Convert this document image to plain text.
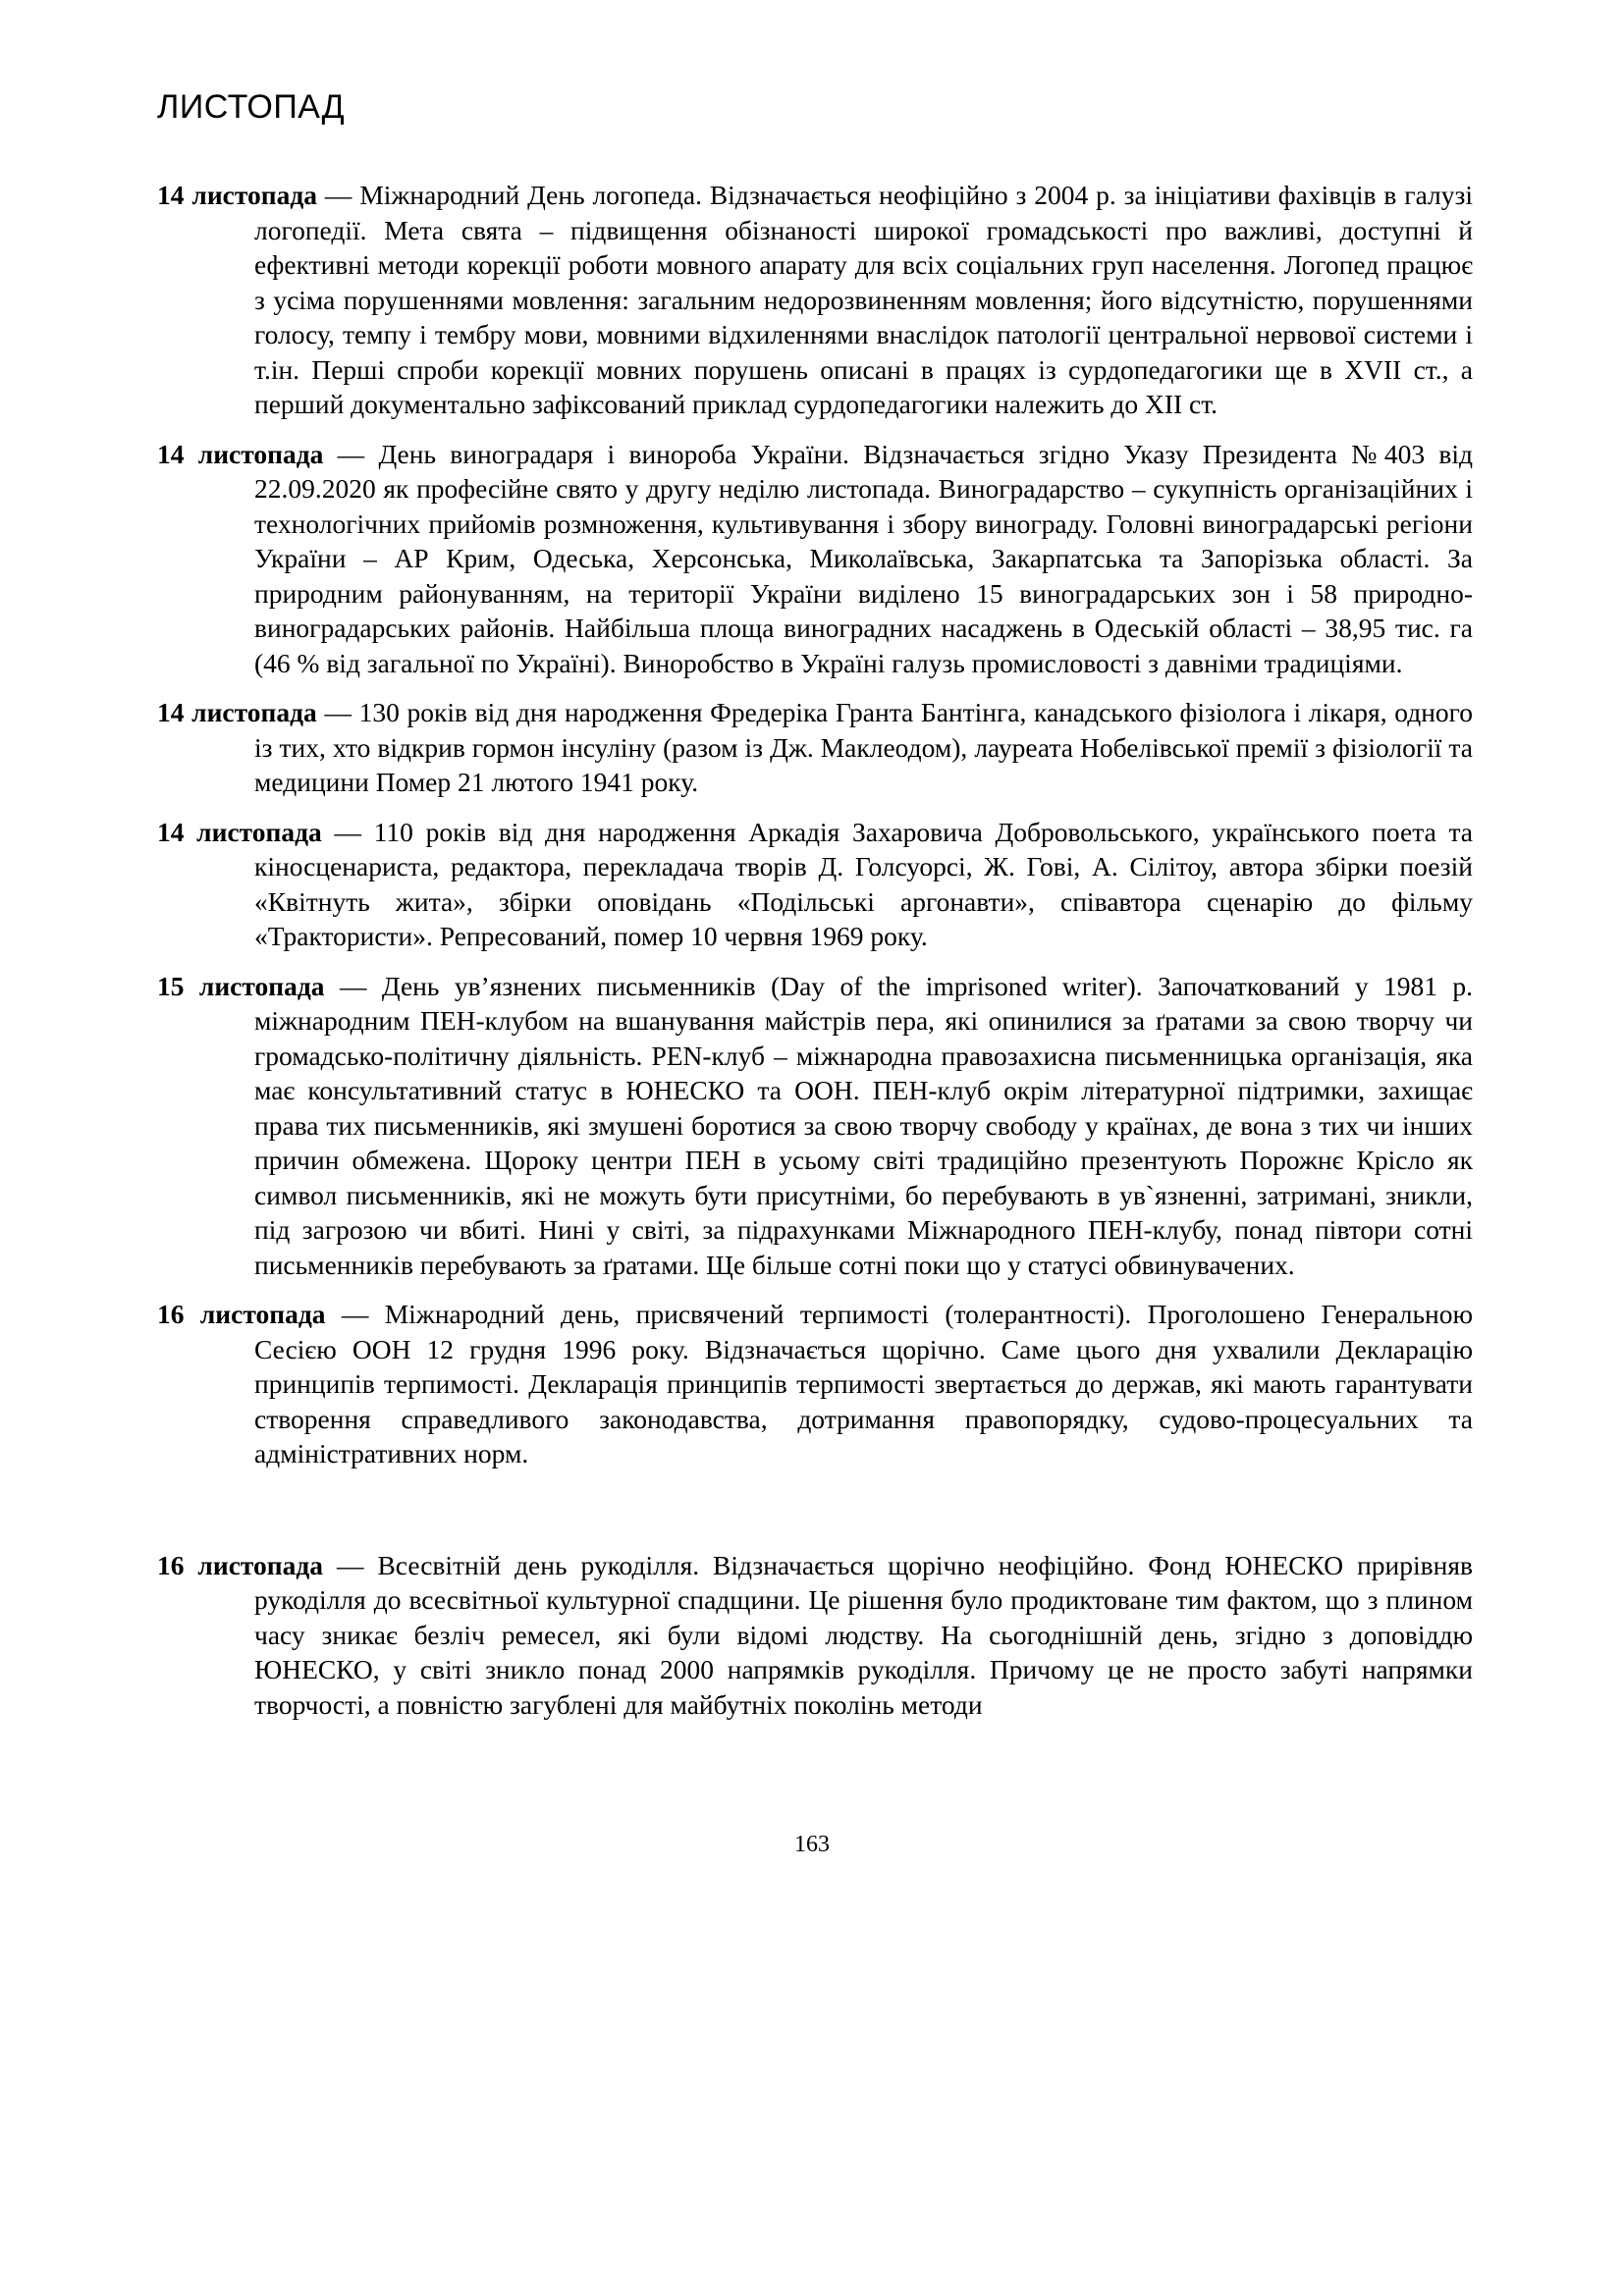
ЛИСТОПАД

14 листопада — Міжнародний День логопеда. Відзначається неофіційно з 2004 р. за ініціативи фахівців в галузі логопедії. Мета свята – підвищення обізнаності широкої громадськості про важливі, доступні й ефективні методи корекції роботи мовного апарату для всіх соціальних груп населення. Логопед працює з усіма порушеннями мовлення: загальним недорозвиненням мовлення; його відсутністю, порушеннями голосу, темпу і тембру мови, мовними відхиленнями внаслідок патології центральної нервової системи і т.ін. Перші спроби корекції мовних порушень описані в працях із сурдопедагогики ще в XVII ст., а перший документально зафіксований приклад сурдопедагогики належить до XII ст.

14 листопада — День виноградаря і винороба України. Відзначається згідно Указу Президента №403 від 22.09.2020 як професійне свято у другу неділю листопада. Виноградарство – сукупність організаційних і технологічних прийомів розмноження, культивування і збору винограду. Головні виноградарські регіони України – АР Крим, Одеська, Херсонська, Миколаївська, Закарпатська та Запорізька області. За природним районуванням, на території України виділено 15 виноградарських зон і 58 природно-виноградарських районів. Найбільша площа виноградних насаджень в Одеській області – 38,95 тис. га (46 % від загальної по Україні). Виноробство в Україні галузь промисловості з давніми традиціями.

14 листопада — 130 років від дня народження Фредеріка Гранта Бантінга, канадського фізіолога і лікаря, одного із тих, хто відкрив гормон інсуліну (разом із Дж. Маклеодом), лауреата Нобелівської премії з фізіології та медицини Помер 21 лютого 1941 року.

14 листопада — 110 років від дня народження Аркадія Захаровича Добровольського, українського поета та кіносценариста, редактора, перекладача творів Д. Голсуорсі, Ж. Гові, А. Сілітоу, автора збірки поезій «Квітнуть жита», збірки оповідань «Подільські аргонавти», співавтора сценарію до фільму «Трактористи». Репресований, помер 10 червня 1969 року.

15 листопада — День ув’язнених письменників (Day of the imprisoned writer). Започаткований у 1981 р. міжнародним ПЕН-клубом на вшанування майстрів пера, які опинилися за ґратами за свою творчу чи громадсько-політичну діяльність. PEN-клуб – міжнародна правозахисна письменницька організація, яка має консультативний статус в ЮНЕСКО та ООН. ПЕН-клуб окрім літературної підтримки, захищає права тих письменників, які змушені боротися за свою творчу свободу у країнах, де вона з тих чи інших причин обмежена. Щороку центри ПЕН в усьому світі традиційно презентують Порожнє Крісло як символ письменників, які не можуть бути присутніми, бо перебувають в ув`язненні, затримані, зникли, під загрозою чи вбиті. Нині у світі, за підрахунками Міжнародного ПЕН-клубу, понад півтори сотні письменників перебувають за ґратами. Ще більше сотні поки що у статусі обвинувачених.

16 листопада — Міжнародний день, присвячений терпимості (толерантності). Проголошено Генеральною Сесією ООН 12 грудня 1996 року. Відзначається щорічно. Саме цього дня ухвалили Декларацію принципів терпимості. Декларація принципів терпимості звертається до держав, які мають гарантувати створення справедливого законодавства, дотримання правопорядку, судово-процесуальних та адміністративних норм.

16 листопада — Всесвітній день рукоділля. Відзначається щорічно неофіційно. Фонд ЮНЕСКО прирівняв рукоділля до всесвітньої культурної спадщини. Це рішення було продиктоване тим фактом, що з плином часу зникає безліч ремесел, які були відомі людству. На сьогоднішній день, згідно з доповіддю ЮНЕСКО, у світі зникло понад 2000 напрямків рукоділля. Причому це не просто забуті напрямки творчості, а повністю загублені для майбутніх поколінь методи

163
